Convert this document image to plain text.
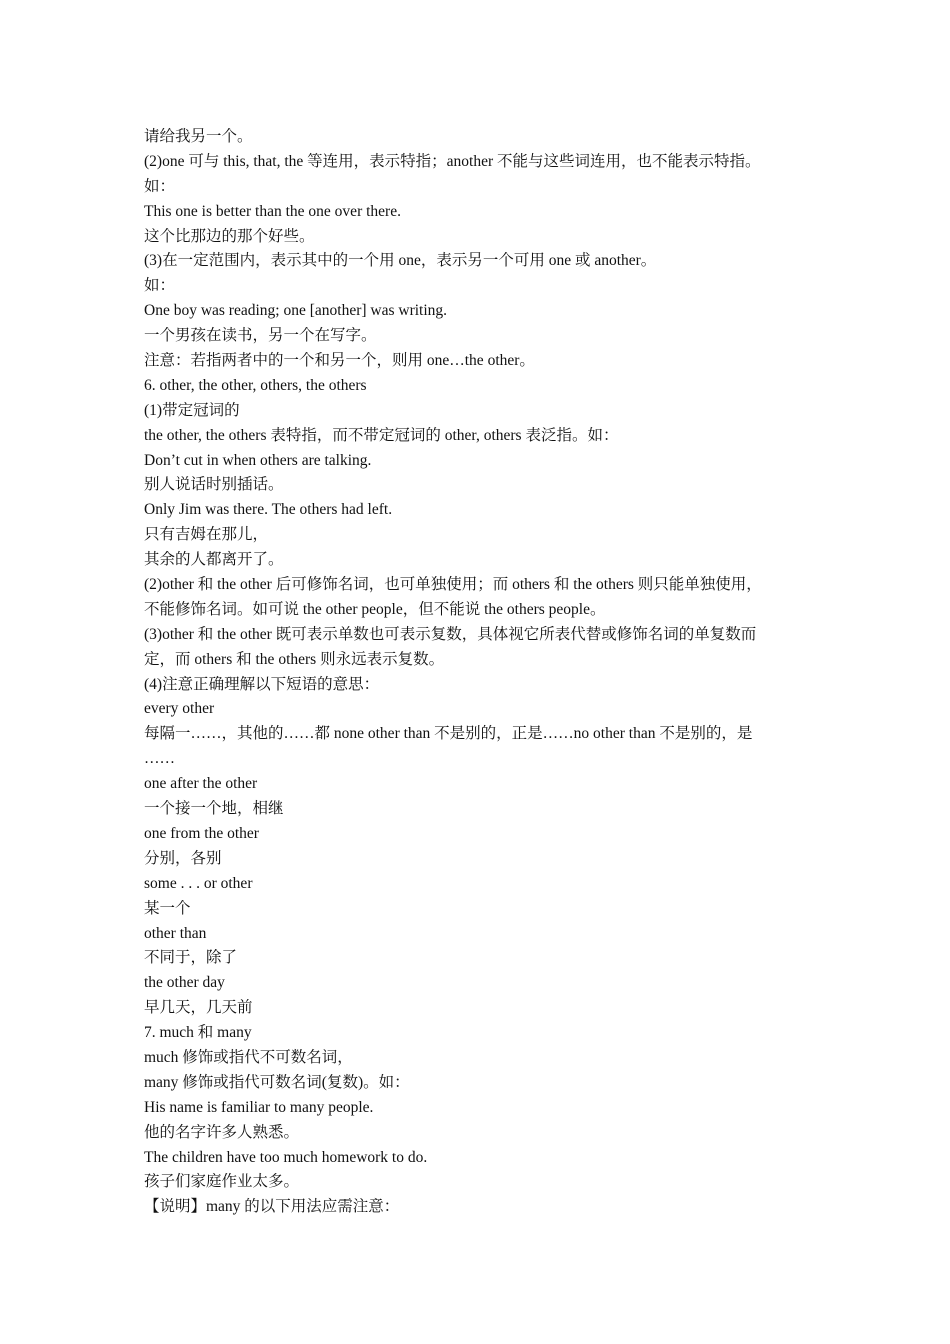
请给我另一个。
(2)one 可与 this, that, the 等连用，表示特指；another 不能与这些词连用，也不能表示特指。
如：
This one is better than the one over there.
这个比那边的那个好些。
(3)在一定范围内，表示其中的一个用 one，表示另一个可用 one 或 another。
如：
One boy was reading; one [another] was writing.
一个男孩在读书，另一个在写字。
注意：若指两者中的一个和另一个，则用 one…the other。
6. other, the other, others, the others
(1)带定冠词的
the other, the others 表特指，而不带定冠词的 other, others 表泛指。如：
Don’t cut in when others are talking.
别人说话时别插话。
Only Jim was there. The others had left.
只有吉姆在那儿，
其余的人都离开了。
(2)other 和 the other 后可修饰名词，也可单独使用；而 others 和 the others 则只能单独使用，
不能修饰名词。如可说 the other people，但不能说 the others people。
(3)other 和 the other 既可表示单数也可表示复数，具体视它所表代替或修饰名词的单复数而
定，而 others 和 the others 则永远表示复数。
(4)注意正确理解以下短语的意思：
every other
每隔一……，其他的……都 none other than 不是别的，正是……no other than 不是别的，是
……
one after the other
一个接一个地，相继
one from the other
分别，各别
some . . . or other
某一个
other than
不同于，除了
the other day
早几天，几天前
7. much 和 many
much 修饰或指代不可数名词，
many 修饰或指代可数名词(复数)。如：
His name is familiar to many people.
他的名字许多人熟悉。
The children have too much homework to do.
孩子们家庭作业太多。
【说明】many 的以下用法应需注意：
